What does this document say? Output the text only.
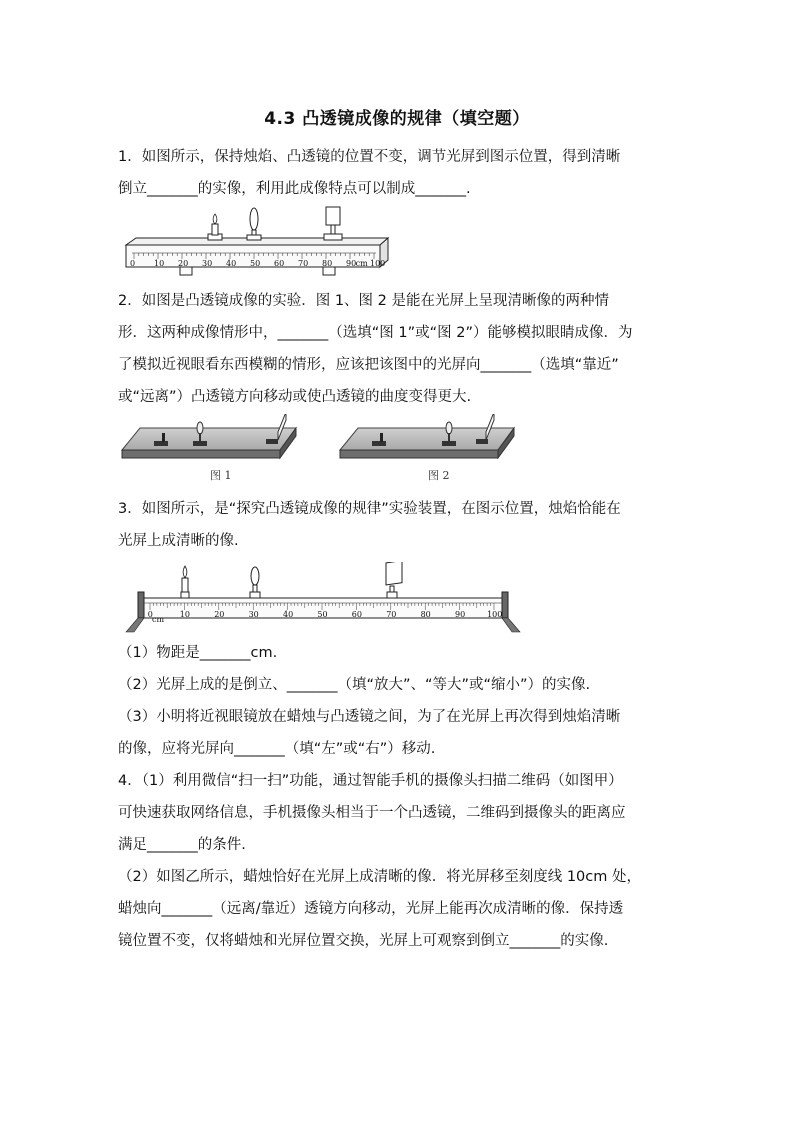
4.3 凸透镜成像的规律（填空题）
1．如图所示，保持烛焰、凸透镜的位置不变，调节光屏到图示位置，得到清晰
倒立_______的实像，利用此成像特点可以制成_______.
0 10 20 30 40 50 60 70 80 90 cm 100
2．如图是凸透镜成像的实验．图 1、图 2 是能在光屏上呈现清晰像的两种情
形．这两种成像情形中，_______（选填“图 1”或“图 2”）能够模拟眼睛成像．为
了模拟近视眼看东西模糊的情形，应该把该图中的光屏向_______（选填“靠近”
或“远离”）凸透镜方向移动或使凸透镜的曲度变得更大.
图 1	图 2
3．如图所示，是“探究凸透镜成像的规律”实验装置，在图示位置，烛焰恰能在
光屏上成清晰的像.
0	10	20	30	40	50	60	70	80	90	100
cm
（1）物距是_______cm.
（2）光屏上成的是倒立、_______（填“放大”、“等大”或“缩小”）的实像.
（3）小明将近视眼镜放在蜡烛与凸透镜之间，为了在光屏上再次得到烛焰清晰
的像，应将光屏向_______（填“左”或“右”）移动.
4．（1）利用微信“扫一扫”功能，通过智能手机的摄像头扫描二维码（如图甲）
可快速获取网络信息，手机摄像头相当于一个凸透镜，二维码到摄像头的距离应
满足_______的条件.
（2）如图乙所示，蜡烛恰好在光屏上成清晰的像．将光屏移至刻度线 10cm 处，
蜡烛向_______（远离/靠近）透镜方向移动，光屏上能再次成清晰的像．保持透
镜位置不变，仅将蜡烛和光屏位置交换，光屏上可观察到倒立_______的实像.
